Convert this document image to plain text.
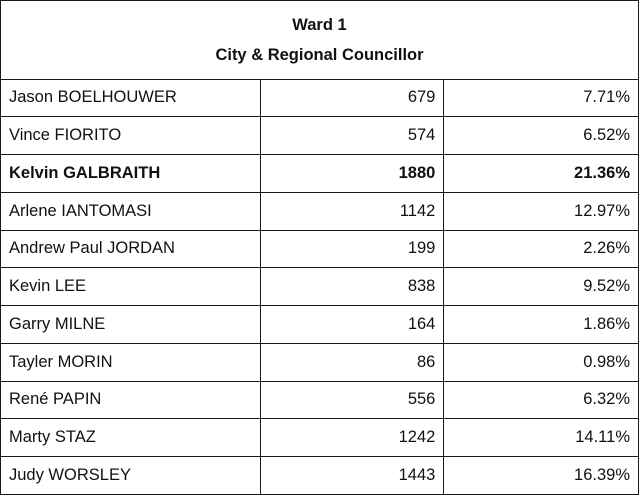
Ward 1
City & Regional Councillor		

Jason BOELHOUWER	679	7.71%
Vince FIORITO	574	6.52%
Kelvin GALBRAITH	1880	21.36%
Arlene IANTOMASI	1142	12.97%
Andrew Paul JORDAN	199	2.26%
Kevin LEE	838	9.52%
Garry MILNE	164	1.86%
Tayler MORIN	86	0.98%
René PAPIN	556	6.32%
Marty STAZ	1242	14.11%
Judy WORSLEY	1443	16.39%
